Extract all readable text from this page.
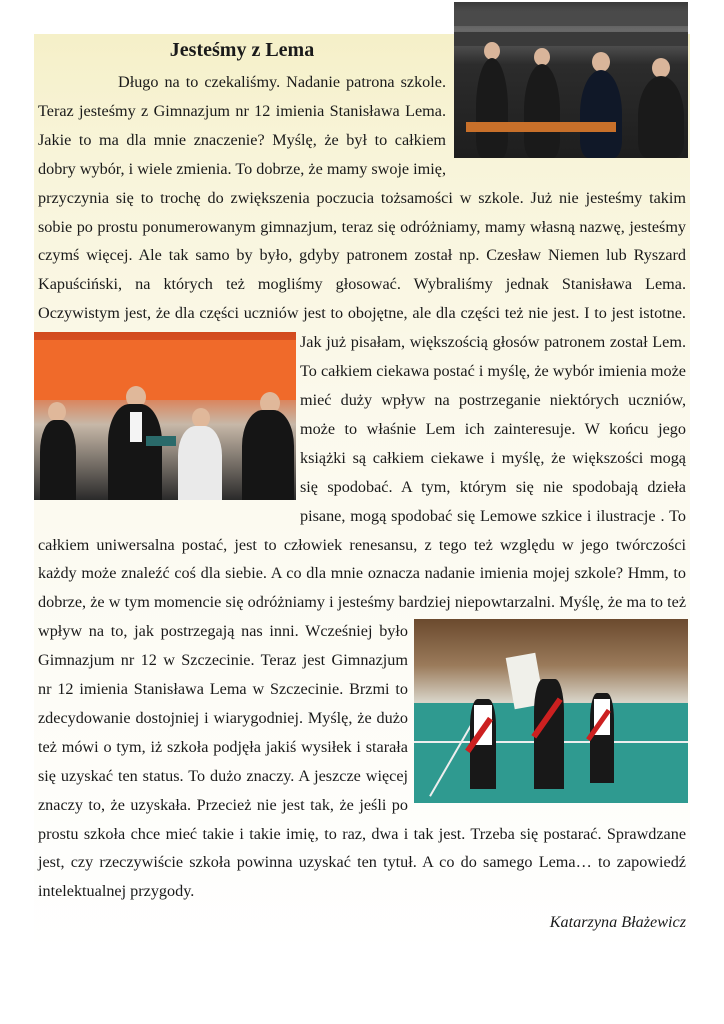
Jesteśmy z Lema

Długo na to czekaliśmy. Nadanie patrona szkole. Teraz jesteśmy z Gimnazjum nr 12 imienia Stanisława Lema. Jakie to ma dla mnie znaczenie? Myślę, że był to całkiem dobry wybór, i wiele zmienia. To dobrze, że mamy swoje imię, przyczynia się to trochę do zwiększenia poczucia tożsamości w szkole. Już nie jesteśmy takim sobie po prostu ponumerowanym gimnazjum, teraz się odróżniamy, mamy własną nazwę, jesteśmy czymś więcej. Ale tak samo by było, gdyby patronem został np. Czesław Niemen lub Ryszard Kapuściński, na których też mogliśmy głosować. Wybraliśmy jednak Stanisława Lema. Oczywistym jest, że dla części uczniów jest to obojętne, ale dla części też nie
jest. I to jest istotne. Jak już pisałam, większością głosów patronem został Lem. To całkiem ciekawa postać i myślę, że wybór imienia może mieć duży wpływ na postrzeganie niektórych uczniów, może to właśnie Lem ich zainteresuje. W końcu jego książki są całkiem ciekawe i myślę, że większości mogą się spodobać. A tym, którym się nie spodobają dzieła pisane, mogą spodobać się Lemowe szkice i ilustracje . To całkiem uniwersalna postać, jest to człowiek renesansu, z tego też względu w jego twórczości każdy może znaleźć coś dla siebie. A co dla mnie oznacza nadanie imienia mojej szkole? Hmm, to dobrze, że w tym momencie się odróżniamy i jesteśmy bardziej niepowtarzalni.
Myślę, że ma to też wpływ na to, jak postrzegają nas inni. Wcześniej było Gimnazjum nr 12 w Szczecinie. Teraz jest Gimnazjum nr 12 imienia Stanisława Lema w Szczecinie. Brzmi to zdecydowanie dostojniej i wiarygodniej. Myślę, że dużo też mówi o tym, iż szkoła podjęła jakiś wysiłek i starała się uzyskać ten status. To dużo znaczy. A jeszcze więcej znaczy to, że uzyskała. Przecież nie jest tak, że jeśli po prostu szkoła chce mieć takie i takie imię, to raz, dwa i tak jest. Trzeba się postarać. Sprawdzane jest, czy rzeczywiście szkoła powinna uzyskać ten tytuł. A co do samego Lema… to zapowiedź intelektualnej przygody.

Katarzyna Błażewicz
